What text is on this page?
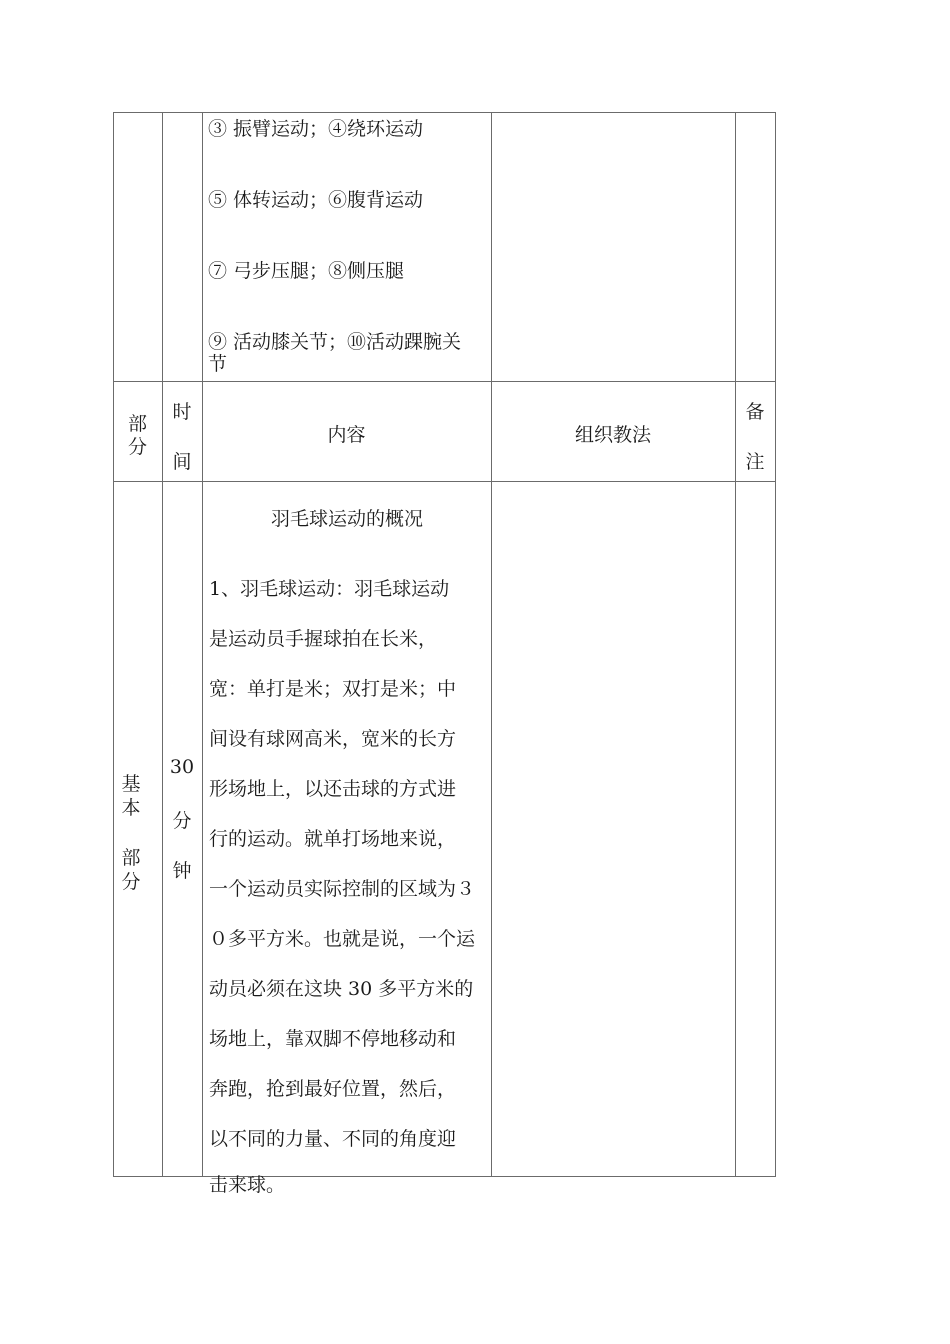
③ 振臂运动；④绕环运动
⑤ 体转运动；⑥腹背运动
⑦ 弓步压腿；⑧侧压腿
⑨ 活动膝关节；⑩活动踝腕关
节
部
分
时
间
内容	组织教法
备
注
基
本
部
分
30
分
钟
羽毛球运动的概况
1、羽毛球运动：羽毛球运动
是运动员手握球拍在长米，
宽：单打是米；双打是米；中
间设有球网高米，宽米的长方
形场地上，以还击球的方式进
行的运动。就单打场地来说，
一个运动员实际控制的区域为３
０多平方米。也就是说，一个运
动员必须在这块 30 多平方米的
场地上，靠双脚不停地移动和
奔跑，抢到最好位置，然后，
以不同的力量、不同的角度迎
击来球。
